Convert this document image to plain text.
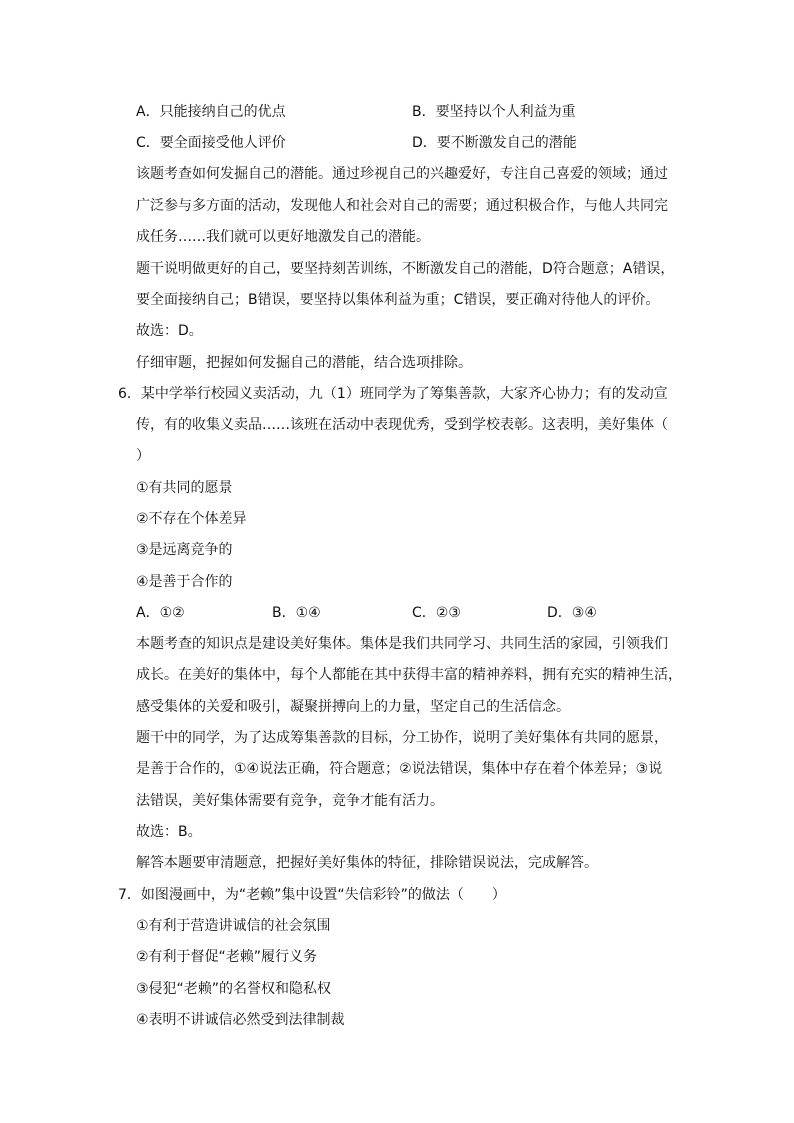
A．只能接纳自己的优点	B．要坚持以个人利益为重
C．要全面接受他人评价	D．要不断激发自己的潜能
该题考查如何发掘自己的潜能。通过珍视自己的兴趣爱好，专注自己喜爱的领域；通过
广泛参与多方面的活动，发现他人和社会对自己的需要；通过积极合作，与他人共同完
成任务……我们就可以更好地激发自己的潜能。
题干说明做更好的自己，要坚持刻苦训练，不断激发自己的潜能，D符合题意；A错误，
要全面接纳自己；B错误，要坚持以集体利益为重；C错误，要正确对待他人的评价。
故选：D。
仔细审题，把握如何发掘自己的潜能，结合选项排除。
6．某中学举行校园义卖活动，九（1）班同学为了筹集善款，大家齐心协力；有的发动宣
传，有的收集义卖品……该班在活动中表现优秀，受到学校表彰。这表明，美好集体（
）
①有共同的愿景
②不存在个体差异
③是远离竞争的
④是善于合作的
A．①②	B．①④	C．②③	D．③④
本题考查的知识点是建设美好集体。集体是我们共同学习、共同生活的家园，引领我们
成长。在美好的集体中，每个人都能在其中获得丰富的精神养料，拥有充实的精神生活，
感受集体的关爱和吸引，凝聚拼搏向上的力量，坚定自己的生活信念。
题干中的同学，为了达成筹集善款的目标，分工协作，说明了美好集体有共同的愿景，
是善于合作的，①④说法正确，符合题意；②说法错误，集体中存在着个体差异；③说
法错误，美好集体需要有竞争，竞争才能有活力。
故选：B。
解答本题要审清题意，把握好美好集体的特征，排除错误说法，完成解答。
7．如图漫画中，为“老赖”集中设置“失信彩铃”的做法（　　）
①有利于营造讲诚信的社会氛围
②有利于督促“老赖”履行义务
③侵犯“老赖”的名誉权和隐私权
④表明不讲诚信必然受到法律制裁
